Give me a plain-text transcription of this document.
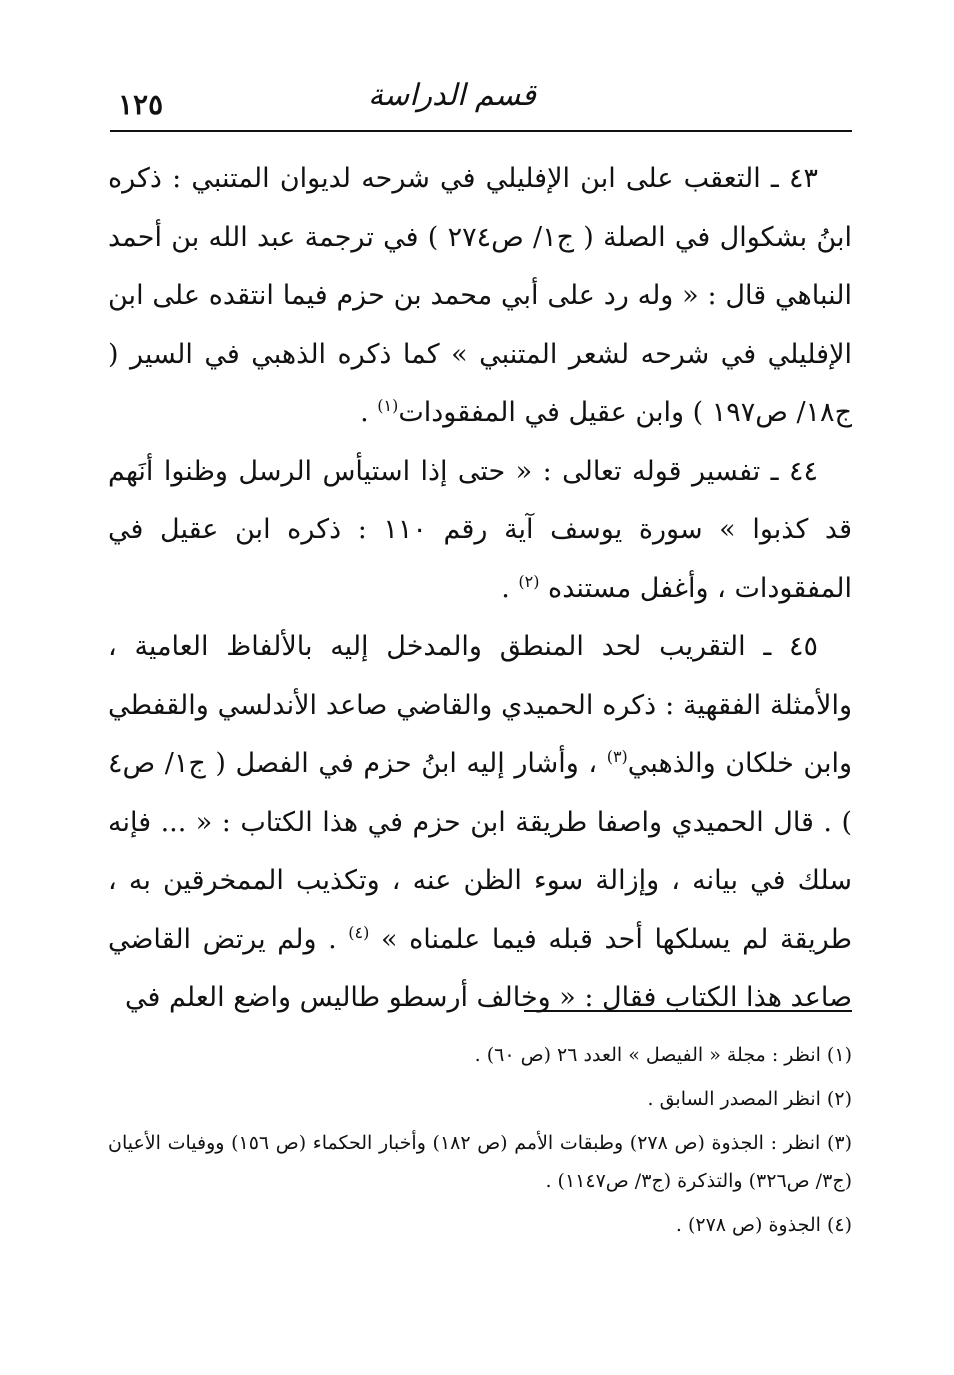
قسم الدراسة
١٢٥

٤٣ ـ التعقب على ابن الإفليلي في شرحه لديوان المتنبي : ذكره ابنُ بشكوال في الصلة ( ج١/ ص٢٧٤ ) في ترجمة عبد الله بن أحمد النباهي قال : « وله رد على أبي محمد بن حزم فيما انتقده على ابن الإفليلي في شرحه لشعر المتنبي » كما ذكره الذهبي في السير ( ج١٨/ ص١٩٧ ) وابن عقيل في المفقودات$^{(١)}$ .

٤٤ ـ تفسير قوله تعالى : « حتى إذا استيأس الرسل وظنوا أنَهم قد كذبوا » سورة يوسف آية رقم ١١٠ : ذكره ابن عقيل في المفقودات ، وأغفل مستنده $^{(٢)}$ .

٤٥ ـ التقريب لحد المنطق والمدخل إليه بالألفاظ العامية ، والأمثلة الفقهية : ذكره الحميدي والقاضي صاعد الأندلسي والقفطي وابن خلكان والذهبي$^{(٣)}$ ، وأشار إليه ابنُ حزم في الفصل ( ج١/ ص٤ ) . قال الحميدي واصفا طريقة ابن حزم في هذا الكتاب : « ... فإنه سلك في بيانه ، وإزالة سوء الظن عنه ، وتكذيب الممخرقين به ، طريقة لم يسلكها أحد قبله فيما علمناه » $^{(٤)}$ . ولم يرتض القاضي صاعد هذا الكتاب فقال : « وخالف أرسطو طاليس واضع العلم في

(١) انظر : مجلة « الفيصل » العدد ٢٦ (ص ٦٠) .

(٢) انظر المصدر السابق .

(٣) انظر : الجذوة (ص ٢٧٨) وطبقات الأمم (ص ١٨٢) وأخبار الحكماء (ص ١٥٦) ووفيات الأعيان (ج٣/ ص٣٢٦) والتذكرة (ج٣/ ص١١٤٧) .

(٤) الجذوة (ص ٢٧٨) .
